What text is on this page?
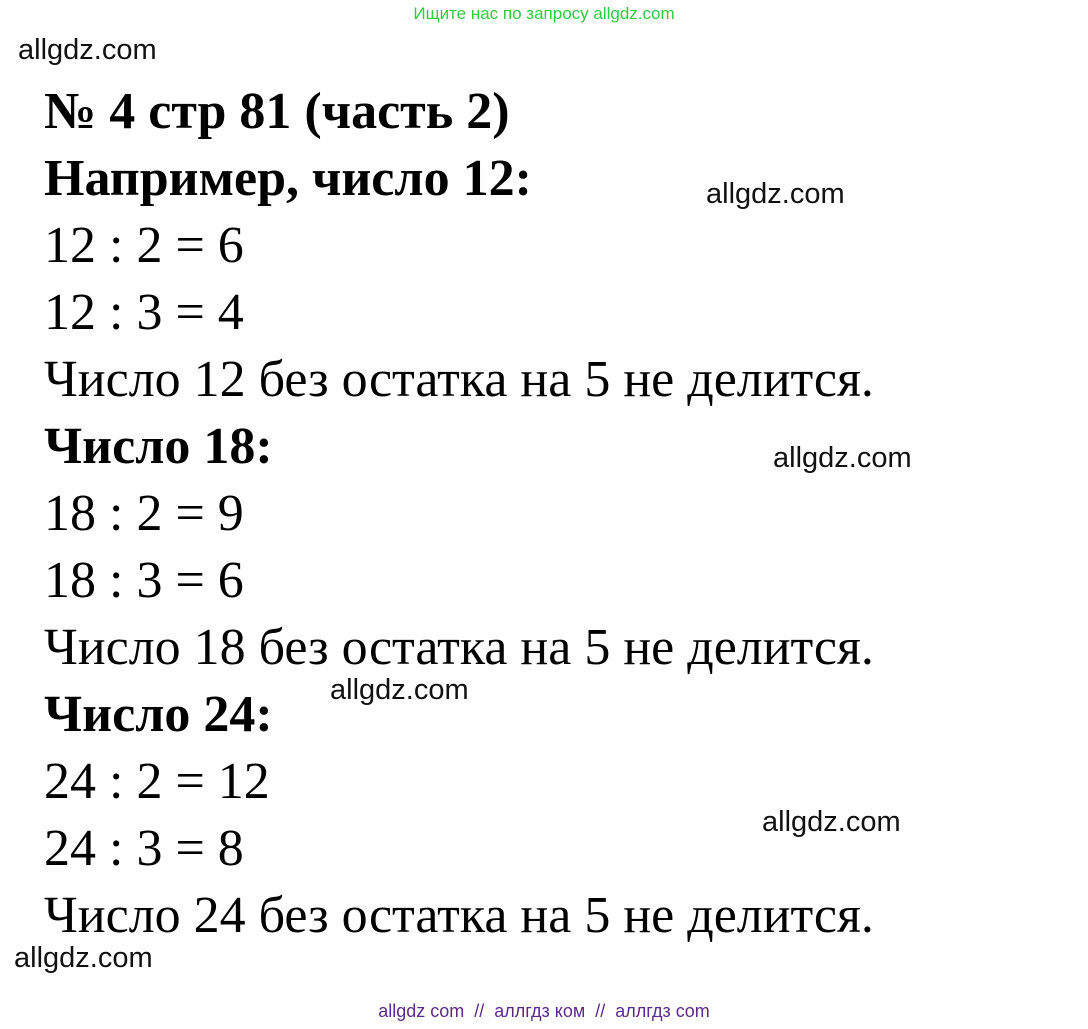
Ищите нас по запросу allgdz.com
allgdz.com
allgdz.com
allgdz.com
allgdz.com
allgdz.com
allgdz.com
№ 4 стр 81 (часть 2)
Например, число 12:
12 : 2 = 6
12 : 3 = 4
Число 12 без остатка на 5 не делится.
Число 18:
18 : 2 = 9
18 : 3 = 6
Число 18 без остатка на 5 не делится.
Число 24:
24 : 2 = 12
24 : 3 = 8
Число 24 без остатка на 5 не делится.
allgdz com  //  аллгдз ком  //  аллгдз com
